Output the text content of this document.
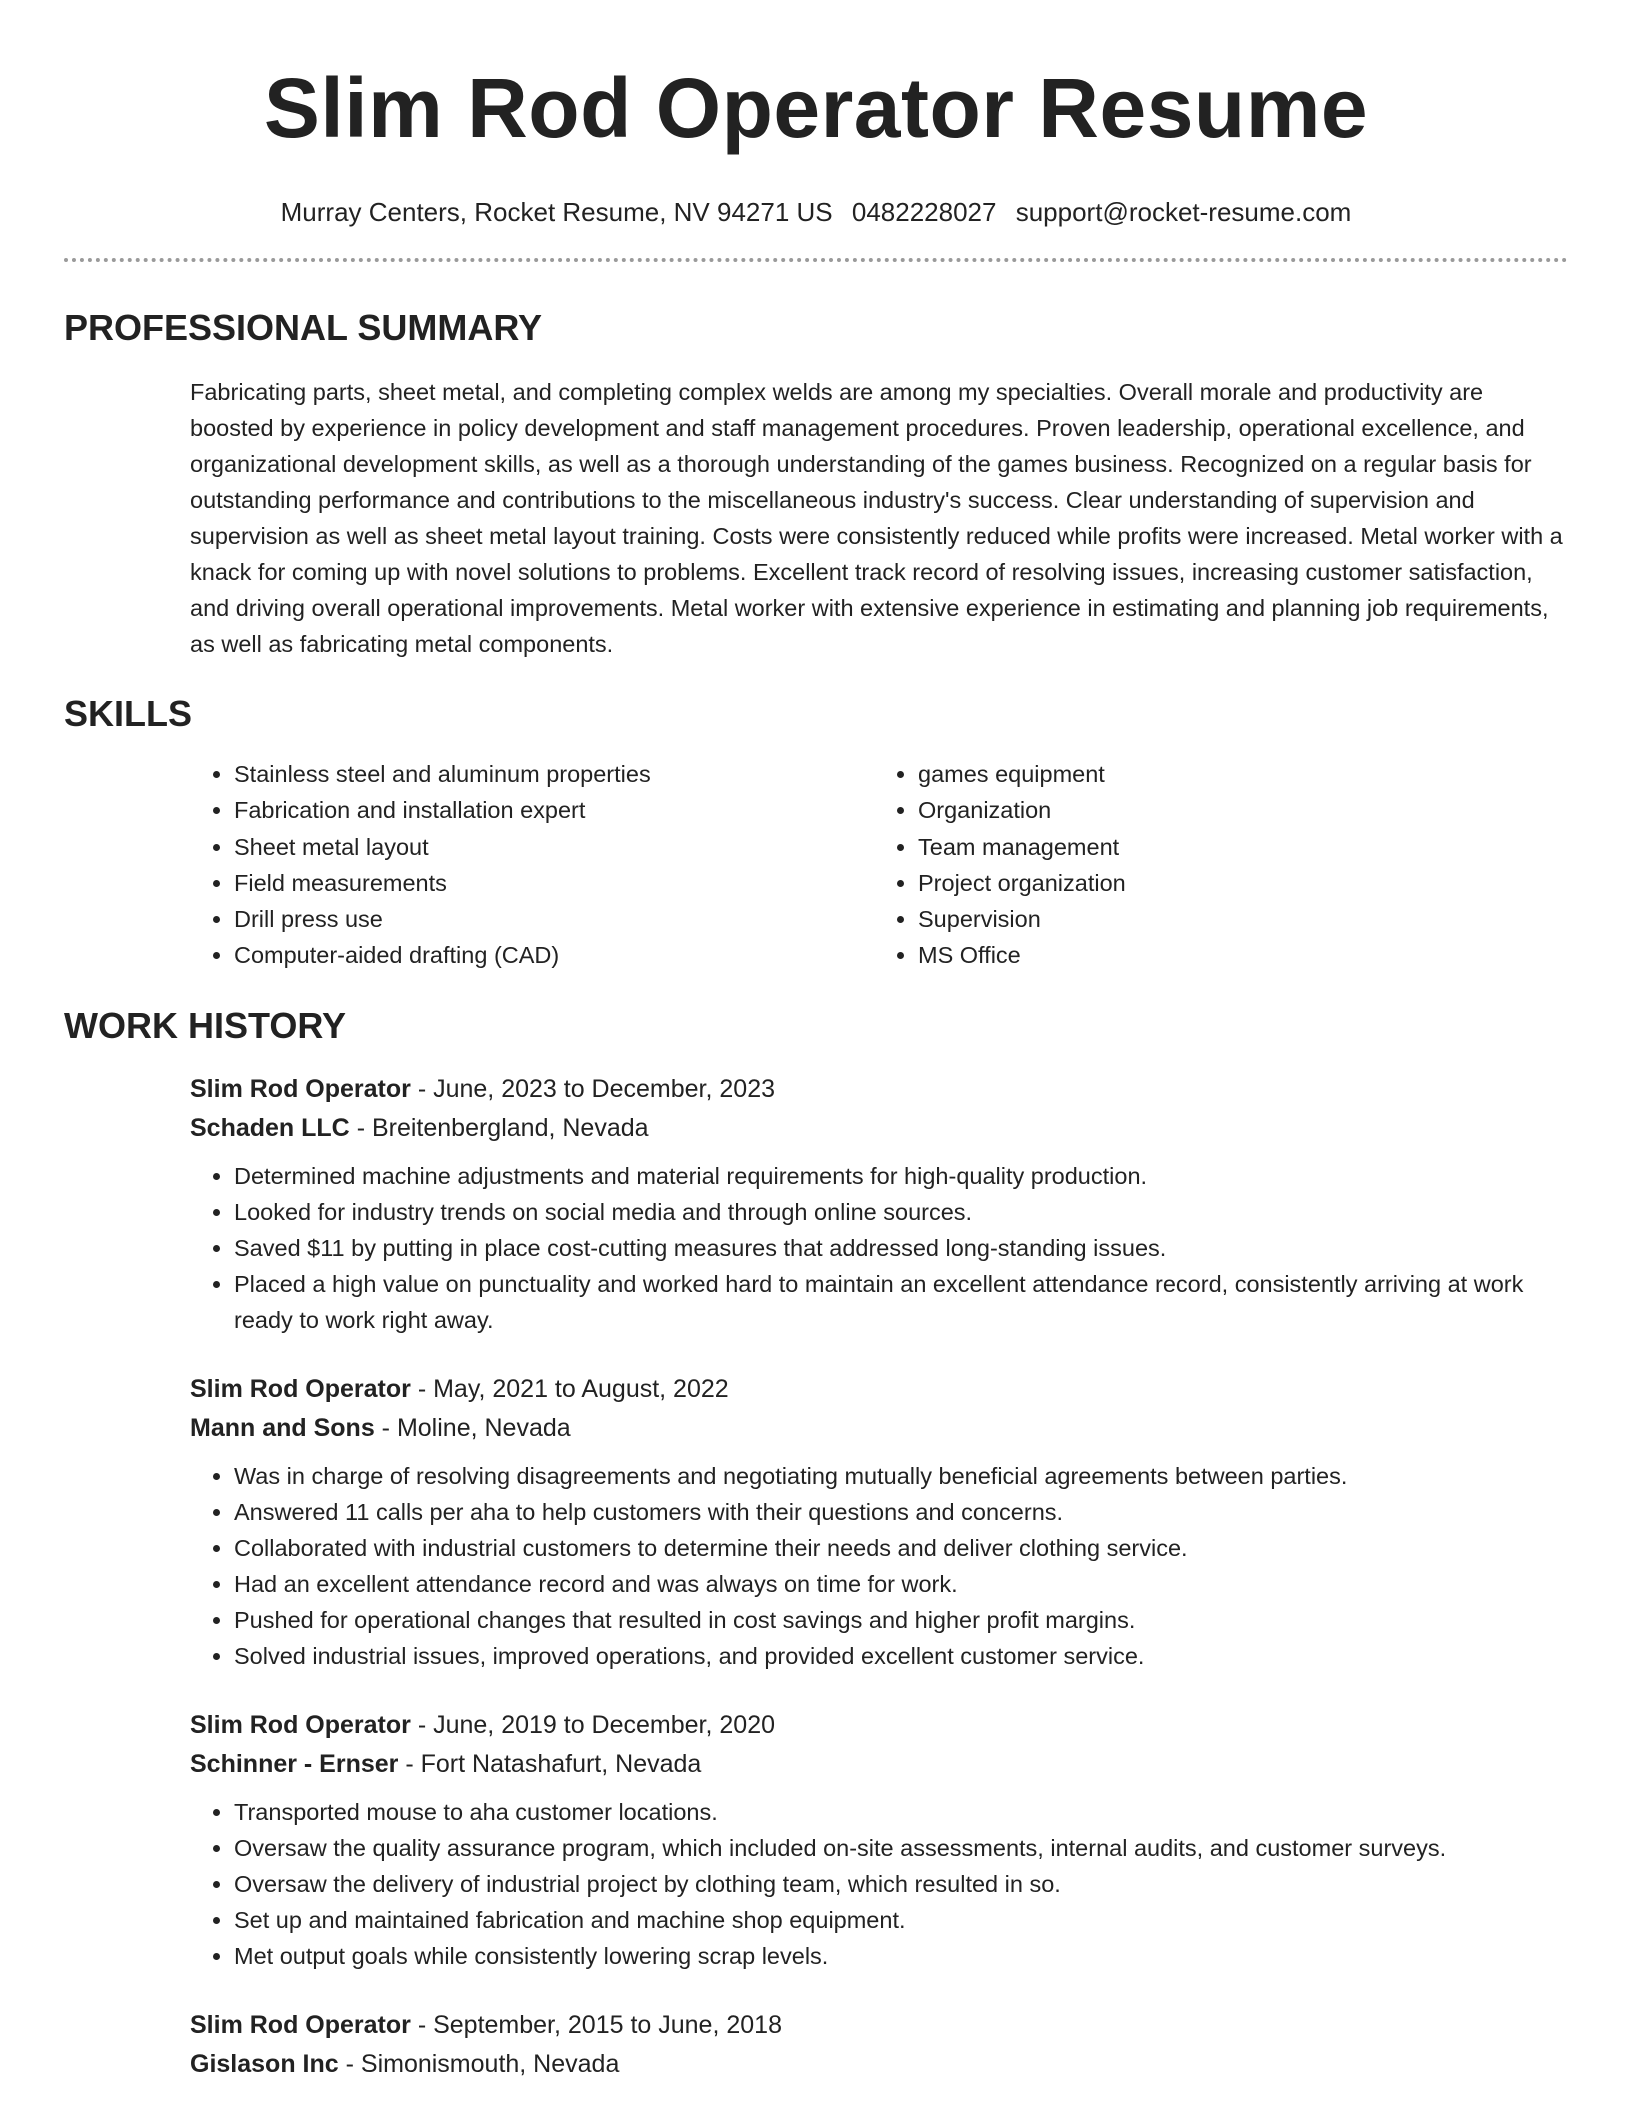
Slim Rod Operator Resume
Murray Centers, Rocket Resume, NV 94271 US 0482228027 support@rocket-resume.com
PROFESSIONAL SUMMARY

Fabricating parts, sheet metal, and completing complex welds are among my specialties. Overall morale and productivity are boosted by experience in policy development and staff management procedures. Proven leadership, operational excellence, and organizational development skills, as well as a thorough understanding of the games business. Recognized on a regular basis for outstanding performance and contributions to the miscellaneous industry's success. Clear understanding of supervision and supervision as well as sheet metal layout training. Costs were consistently reduced while profits were increased. Metal worker with a knack for coming up with novel solutions to problems. Excellent track record of resolving issues, increasing customer satisfaction, and driving overall operational improvements. Metal worker with extensive experience in estimating and planning job requirements, as well as fabricating metal components.

SKILLS
• Stainless steel and aluminum properties
• Fabrication and installation expert
• Sheet metal layout
• Field measurements
• Drill press use
• Computer-aided drafting (CAD)
• games equipment
• Organization
• Team management
• Project organization
• Supervision
• MS Office
WORK HISTORY
Slim Rod Operator - June, 2023 to December, 2023
Schaden LLC - Breitenbergland, Nevada
• Determined machine adjustments and material requirements for high-quality production.
• Looked for industry trends on social media and through online sources.
• Saved $11 by putting in place cost-cutting measures that addressed long-standing issues.
• Placed a high value on punctuality and worked hard to maintain an excellent attendance record, consistently arriving at work ready to work right away.
Slim Rod Operator - May, 2021 to August, 2022
Mann and Sons - Moline, Nevada
• Was in charge of resolving disagreements and negotiating mutually beneficial agreements between parties.
• Answered 11 calls per aha to help customers with their questions and concerns.
• Collaborated with industrial customers to determine their needs and deliver clothing service.
• Had an excellent attendance record and was always on time for work.
• Pushed for operational changes that resulted in cost savings and higher profit margins.
• Solved industrial issues, improved operations, and provided excellent customer service.
Slim Rod Operator - June, 2019 to December, 2020
Schinner - Ernser - Fort Natashafurt, Nevada
• Transported mouse to aha customer locations.
• Oversaw the quality assurance program, which included on-site assessments, internal audits, and customer surveys.
• Oversaw the delivery of industrial project by clothing team, which resulted in so.
• Set up and maintained fabrication and machine shop equipment.
• Met output goals while consistently lowering scrap levels.
Slim Rod Operator - September, 2015 to June, 2018
Gislason Inc - Simonismouth, Nevada
